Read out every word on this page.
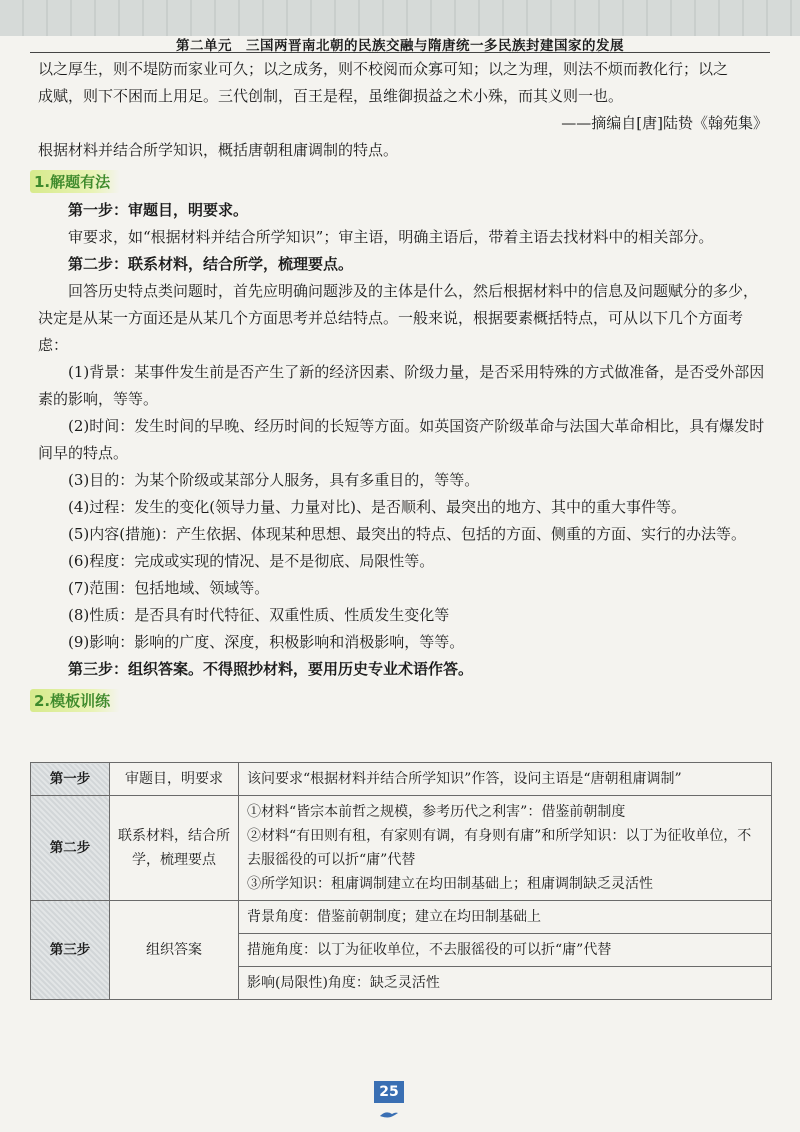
第二单元　三国两晋南北朝的民族交融与隋唐统一多民族封建国家的发展

以之厚生，则不堤防而家业可久；以之成务，则不校阅而众寡可知；以之为理，则法不烦而教化行；以之

成赋，则下不困而上用足。三代创制，百王是程，虽维御损益之术小殊，而其义则一也。

——摘编自[唐]陆贽《翰苑集》

根据材料并结合所学知识，概括唐朝租庸调制的特点。

1.解题有法

第一步：审题目，明要求。

审要求，如“根据材料并结合所学知识”；审主语，明确主语后，带着主语去找材料中的相关部分。

第二步：联系材料，结合所学，梳理要点。

回答历史特点类问题时，首先应明确问题涉及的主体是什么，然后根据材料中的信息及问题赋分的多少，决定是从某一方面还是从某几个方面思考并总结特点。一般来说，根据要素概括特点，可从以下几个方面考虑：

(1)背景：某事件发生前是否产生了新的经济因素、阶级力量，是否采用特殊的方式做准备，是否受外部因素的影响，等等。

(2)时间：发生时间的早晚、经历时间的长短等方面。如英国资产阶级革命与法国大革命相比，具有爆发时间早的特点。

(3)目的：为某个阶级或某部分人服务，具有多重目的，等等。

(4)过程：发生的变化(领导力量、力量对比)、是否顺利、最突出的地方、其中的重大事件等。

(5)内容(措施)：产生依据、体现某种思想、最突出的特点、包括的方面、侧重的方面、实行的办法等。

(6)程度：完成或实现的情况、是不是彻底、局限性等。

(7)范围：包括地域、领域等。

(8)性质：是否具有时代特征、双重性质、性质发生变化等

(9)影响：影响的广度、深度，积极影响和消极影响，等等。

第三步：组织答案。不得照抄材料，要用历史专业术语作答。

2.模板训练
第一步	审题目，明要求	该问要求“根据材料并结合所学知识”作答，设问主语是“唐朝租庸调制”
第二步	联系材料，结合所学，梳理要点	①材料“皆宗本前哲之规模，参考历代之利害”：借鉴前朝制度
②材料“有田则有租，有家则有调，有身则有庸”和所学知识：以丁为征收单位，不去服徭役的可以折“庸”代替
③所学知识：租庸调制建立在均田制基础上；租庸调制缺乏灵活性

第三步	组织答案	背景角度：借鉴前朝制度；建立在均田制基础上
		措施角度：以丁为征收单位，不去服徭役的可以折“庸”代替
		影响(局限性)角度：缺乏灵活性
25
